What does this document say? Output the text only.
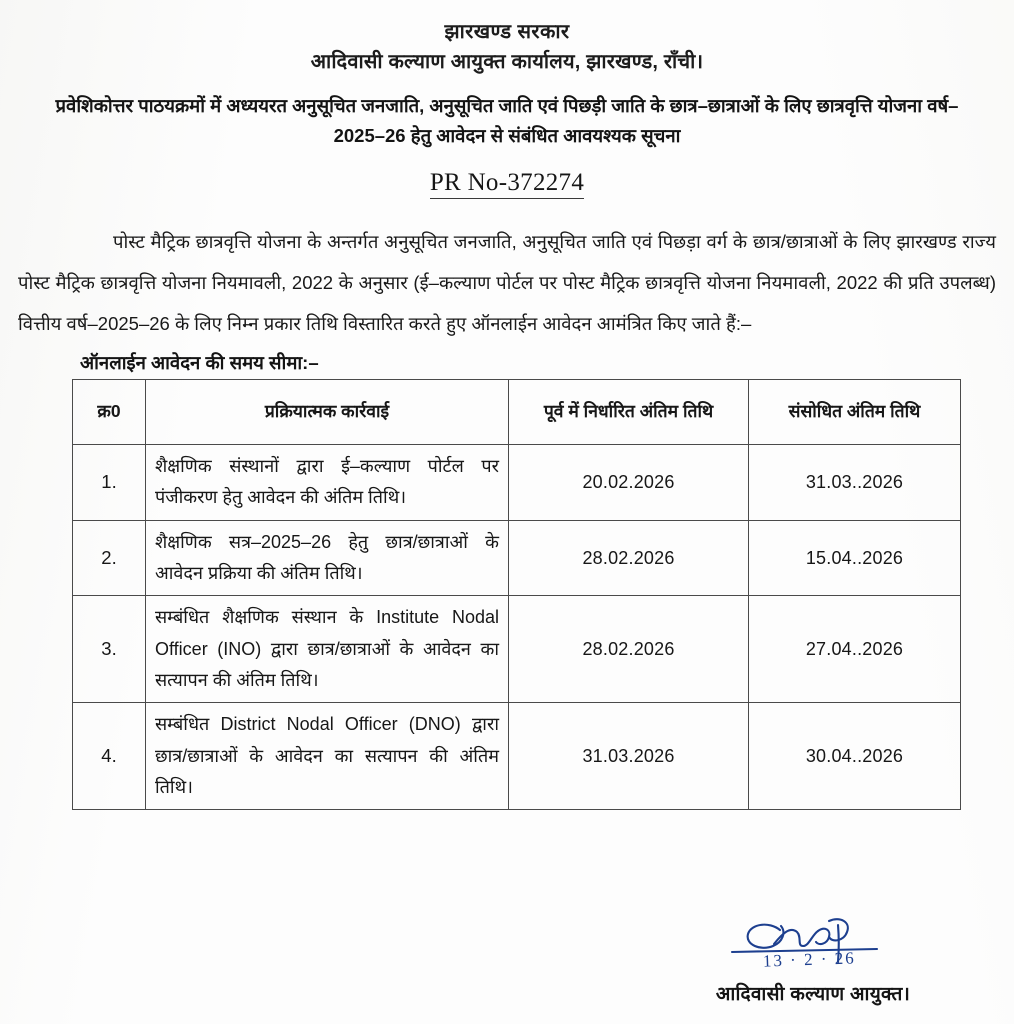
झारखण्ड सरकार
आदिवासी कल्याण आयुक्त कार्यालय, झारखण्ड, राँची।
प्रवेशिकोत्तर पाठयक्रमों में अध्ययरत अनुसूचित जनजाति, अनुसूचित जाति एवं पिछड़ी जाति के छात्र–छात्राओं के लिए छात्रवृत्ति योजना वर्ष–2025–26 हेतु आवेदन से संबंधित आवयश्यक सूचना
PR No-372274
पोस्ट मैट्रिक छात्रवृत्ति योजना के अन्तर्गत अनुसूचित जनजाति, अनुसूचित जाति एवं पिछड़ा वर्ग के छात्र/छात्राओं के लिए झारखण्ड राज्य पोस्ट मैट्रिक छात्रवृत्ति योजना नियमावली, 2022 के अनुसार (ई–कल्याण पोर्टल पर पोस्ट मैट्रिक छात्रवृत्ति योजना नियमावली, 2022 की प्रति उपलब्ध) वित्तीय वर्ष–2025–26 के लिए निम्न प्रकार तिथि विस्तारित करते हुए ऑनलाईन आवेदन आमंत्रित किए जाते हैं:–
ऑनलाईन आवेदन की समय सीमा:–
क्र0	प्रक्रियात्मक कार्रवाई	पूर्व में निर्धारित अंतिम तिथि	संसोधित अंतिम तिथि
1.	शैक्षणिक संस्थानों द्वारा ई–कल्याण पोर्टल पर पंजीकरण हेतु आवेदन की अंतिम तिथि।	20.02.2026	31.03..2026
2.	शैक्षणिक सत्र–2025–26 हेतु छात्र/छात्राओं के आवेदन प्रक्रिया की अंतिम तिथि।	28.02.2026	15.04..2026
3.	सम्बंधित शैक्षणिक संस्थान के Institute Nodal Officer (INO) द्वारा छात्र/छात्राओं के आवेदन का सत्यापन की अंतिम तिथि।	28.02.2026	27.04..2026
4.	सम्बंधित District Nodal Officer (DNO) द्वारा छात्र/छात्राओं के आवेदन का सत्यापन की अंतिम तिथि।	31.03.2026	30.04..2026
13 · 2 · 26
आदिवासी कल्याण आयुक्त।
